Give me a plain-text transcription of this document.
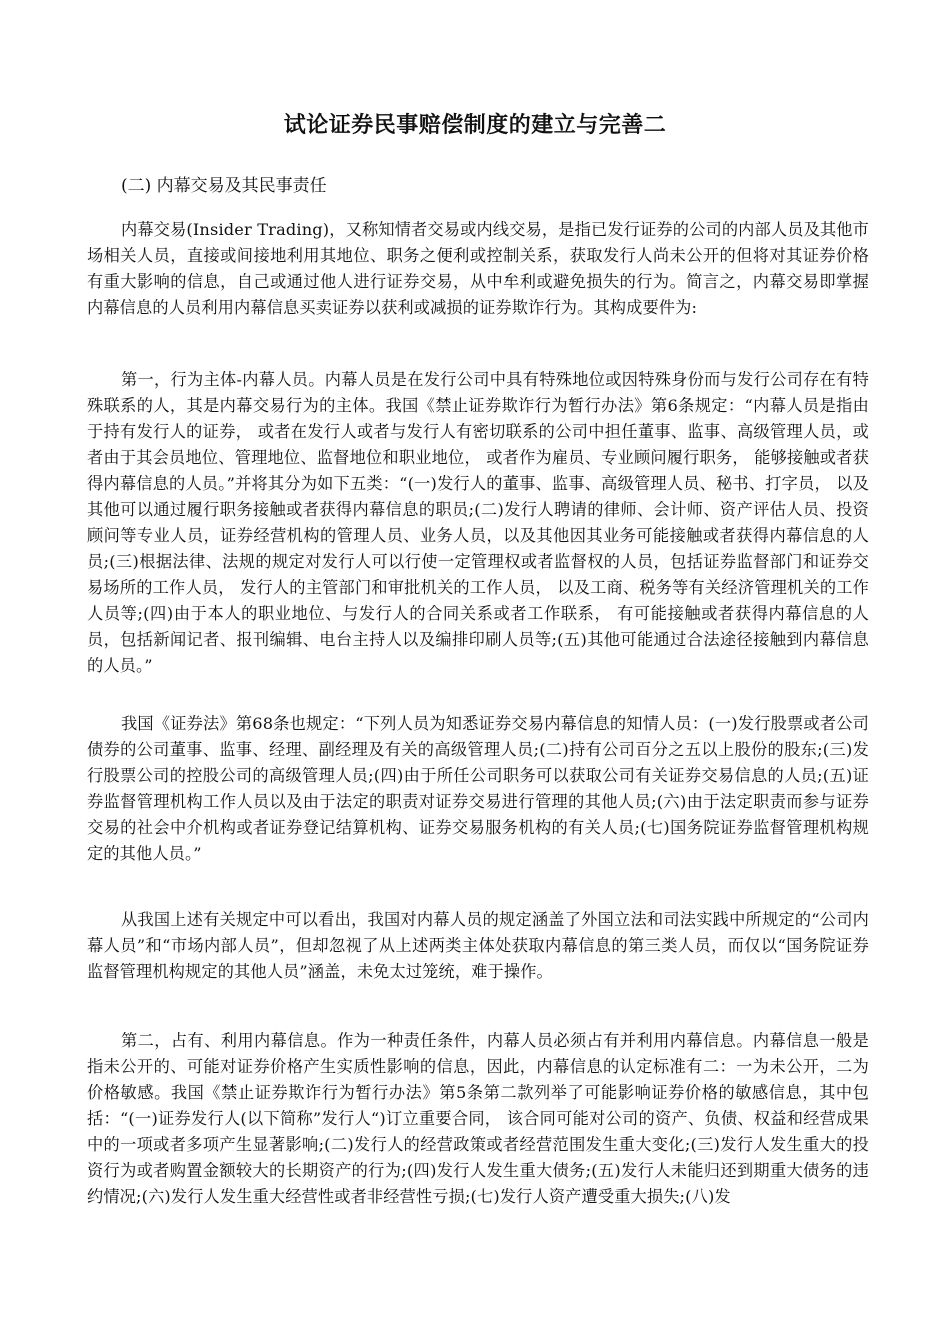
试论证券民事赔偿制度的建立与完善二

(二) 内幕交易及其民事责任

内幕交易(Insider Trading)，又称知情者交易或内线交易，是指已发行证券的公司的内部人员及其他市场相关人员，直接或间接地利用其地位、职务之便利或控制关系，获取发行人尚未公开的但将对其证券价格有重大影响的信息，自己或通过他人进行证券交易，从中牟利或避免损失的行为。简言之，内幕交易即掌握内幕信息的人员利用内幕信息买卖证券以获利或减损的证券欺诈行为。其构成要件为:

第一，行为主体-内幕人员。内幕人员是在发行公司中具有特殊地位或因特殊身份而与发行公司存在有特殊联系的人，其是内幕交易行为的主体。我国《禁止证券欺诈行为暂行办法》第6条规定：“内幕人员是指由于持有发行人的证券， 或者在发行人或者与发行人有密切联系的公司中担任董事、监事、高级管理人员，或者由于其会员地位、管理地位、监督地位和职业地位， 或者作为雇员、专业顾问履行职务， 能够接触或者获得内幕信息的人员。”并将其分为如下五类：“(一)发行人的董事、监事、高级管理人员、秘书、打字员， 以及其他可以通过履行职务接触或者获得内幕信息的职员;(二)发行人聘请的律师、会计师、资产评估人员、投资顾问等专业人员，证券经营机构的管理人员、业务人员，以及其他因其业务可能接触或者获得内幕信息的人员;(三)根据法律、法规的规定对发行人可以行使一定管理权或者监督权的人员，包括证券监督部门和证券交易场所的工作人员， 发行人的主管部门和审批机关的工作人员， 以及工商、税务等有关经济管理机关的工作人员等;(四)由于本人的职业地位、与发行人的合同关系或者工作联系， 有可能接触或者获得内幕信息的人员，包括新闻记者、报刊编辑、电台主持人以及编排印刷人员等;(五)其他可能通过合法途径接触到内幕信息的人员。”

我国《证券法》第68条也规定：“下列人员为知悉证券交易内幕信息的知情人员：(一)发行股票或者公司债券的公司董事、监事、经理、副经理及有关的高级管理人员;(二)持有公司百分之五以上股份的股东;(三)发行股票公司的控股公司的高级管理人员;(四)由于所任公司职务可以获取公司有关证券交易信息的人员;(五)证券监督管理机构工作人员以及由于法定的职责对证券交易进行管理的其他人员;(六)由于法定职责而参与证券交易的社会中介机构或者证券登记结算机构、证券交易服务机构的有关人员;(七)国务院证券监督管理机构规定的其他人员。”

从我国上述有关规定中可以看出，我国对内幕人员的规定涵盖了外国立法和司法实践中所规定的“公司内幕人员”和“市场内部人员”，但却忽视了从上述两类主体处获取内幕信息的第三类人员，而仅以“国务院证券监督管理机构规定的其他人员”涵盖，未免太过笼统，难于操作。

第二，占有、利用内幕信息。作为一种责任条件，内幕人员必须占有并利用内幕信息。内幕信息一般是指未公开的、可能对证券价格产生实质性影响的信息，因此，内幕信息的认定标准有二：一为未公开，二为价格敏感。我国《禁止证券欺诈行为暂行办法》第5条第二款列举了可能影响证券价格的敏感信息，其中包括：“(一)证券发行人(以下简称”发行人“)订立重要合同， 该合同可能对公司的资产、负债、权益和经营成果中的一项或者多项产生显著影响;(二)发行人的经营政策或者经营范围发生重大变化;(三)发行人发生重大的投资行为或者购置金额较大的长期资产的行为;(四)发行人发生重大债务;(五)发行人未能归还到期重大债务的违约情况;(六)发行人发生重大经营性或者非经营性亏损;(七)发行人资产遭受重大损失;(八)发
